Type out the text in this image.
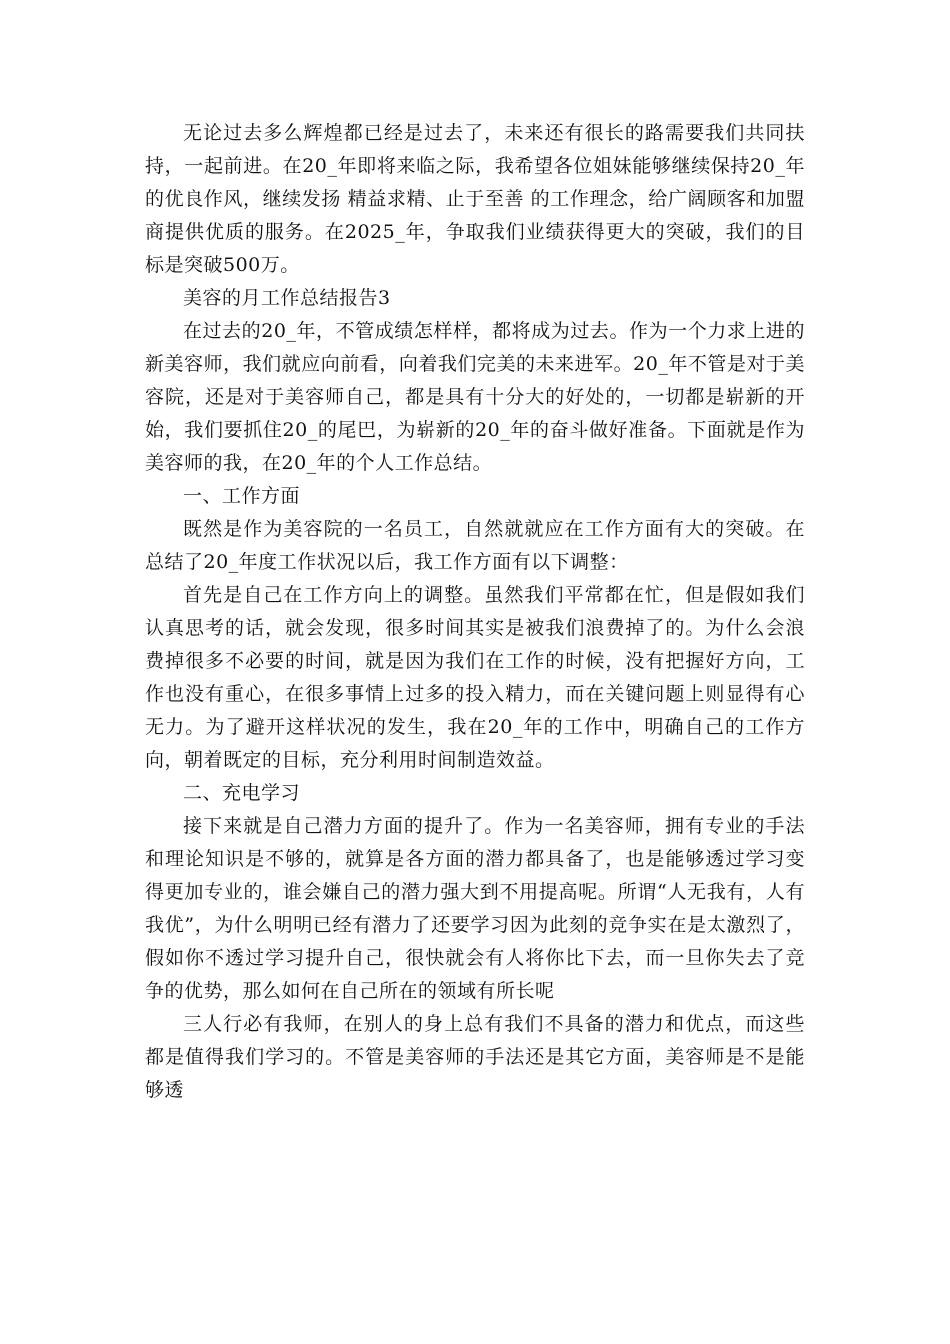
无论过去多么辉煌都已经是过去了，未来还有很长的路需要我们共同扶持，一起前进。在20_年即将来临之际，我希望各位姐妹能够继续保持20_年的优良作风，继续发扬 精益求精、止于至善 的工作理念，给广阔顾客和加盟商提供优质的服务。在2025_年，争取我们业绩获得更大的突破，我们的目标是突破500万。

美容的月工作总结报告3

在过去的20_年，不管成绩怎样样，都将成为过去。作为一个力求上进的新美容师，我们就应向前看，向着我们完美的未来进军。20_年不管是对于美容院，还是对于美容师自己，都是具有十分大的好处的，一切都是崭新的开始，我们要抓住20_的尾巴，为崭新的20_年的奋斗做好准备。下面就是作为美容师的我，在20_年的个人工作总结。

一、工作方面

既然是作为美容院的一名员工，自然就就应在工作方面有大的突破。在总结了20_年度工作状况以后，我工作方面有以下调整：

首先是自己在工作方向上的调整。虽然我们平常都在忙，但是假如我们认真思考的话，就会发现，很多时间其实是被我们浪费掉了的。为什么会浪费掉很多不必要的时间，就是因为我们在工作的时候，没有把握好方向，工作也没有重心，在很多事情上过多的投入精力，而在关键问题上则显得有心无力。为了避开这样状况的发生，我在20_年的工作中，明确自己的工作方向，朝着既定的目标，充分利用时间制造效益。

二、充电学习

接下来就是自己潜力方面的提升了。作为一名美容师，拥有专业的手法和理论知识是不够的，就算是各方面的潜力都具备了，也是能够透过学习变得更加专业的，谁会嫌自己的潜力强大到不用提高呢。所谓“人无我有，人有我优”，为什么明明已经有潜力了还要学习因为此刻的竞争实在是太激烈了，假如你不透过学习提升自己，很快就会有人将你比下去，而一旦你失去了竞争的优势，那么如何在自己所在的领域有所长呢

三人行必有我师，在别人的身上总有我们不具备的潜力和优点，而这些都是值得我们学习的。不管是美容师的手法还是其它方面，美容师是不是能够透
